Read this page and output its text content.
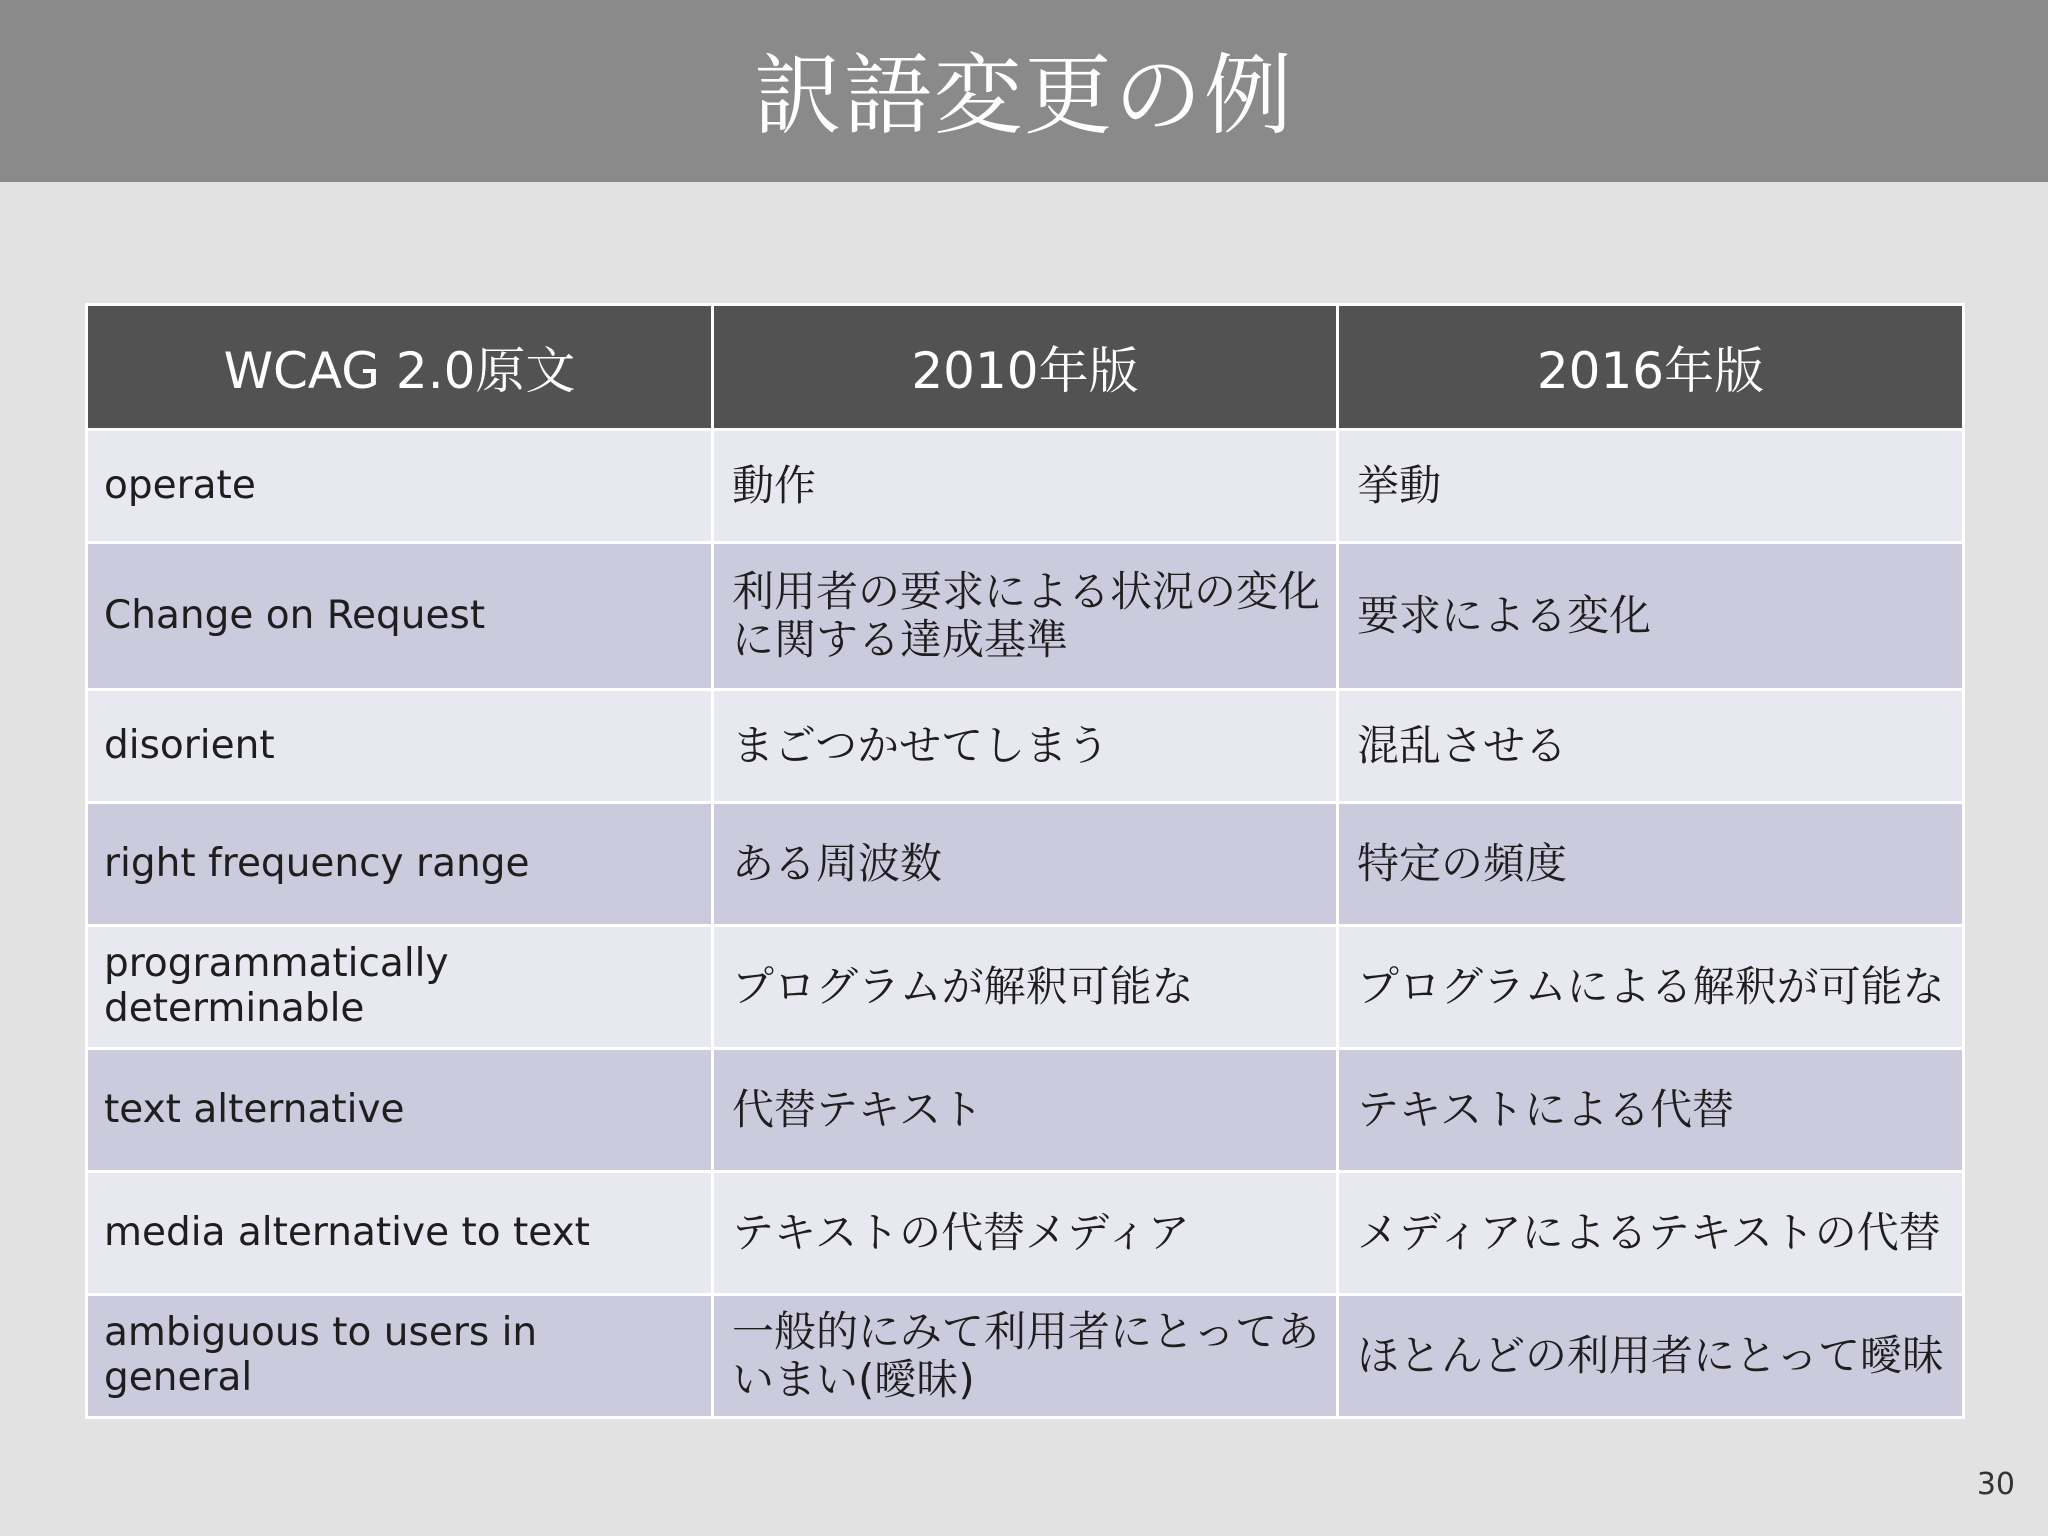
訳語変更の例
WCAG 2.0原文	2010年版	2016年版
operate	動作	挙動
Change on Request	利用者の要求による状況の変化に関する達成基準	要求による変化
disorient	まごつかせてしまう	混乱させる
right frequency range	ある周波数	特定の頻度
programmatically determinable	プログラムが解釈可能な	プログラムによる解釈が可能な
text alternative	代替テキスト	テキストによる代替
media alternative to text	テキストの代替メディア	メディアによるテキストの代替
ambiguous to users in general	一般的にみて利用者にとってあいまい(曖昧)	ほとんどの利用者にとって曖昧
30
